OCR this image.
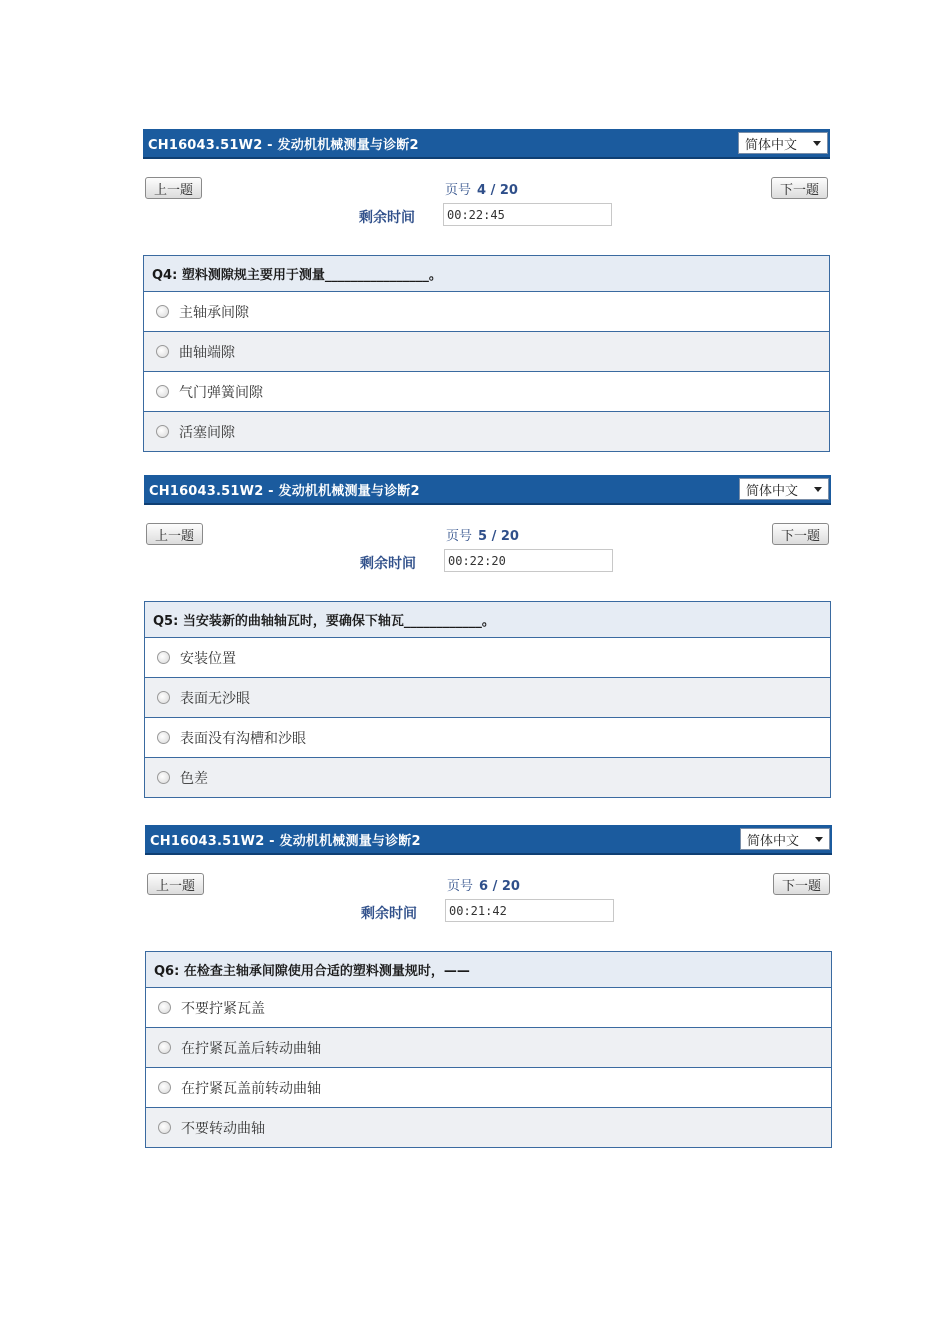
CH16043.51W2 - 发动机机械测量与诊断2	简体中文
上一题	页号 4 / 20	下一题
剩余时间	00:22:45
Q4: 塑料测隙规主要用于测量________________。
主轴承间隙
曲轴端隙
气门弹簧间隙
活塞间隙
CH16043.51W2 - 发动机机械测量与诊断2	简体中文
上一题	页号 5 / 20	下一题
剩余时间	00:22:20
Q5: 当安装新的曲轴轴瓦时，要确保下轴瓦____________。
安装位置
表面无沙眼
表面没有沟槽和沙眼
色差
CH16043.51W2 - 发动机机械测量与诊断2	简体中文
上一题	页号 6 / 20	下一题
剩余时间	00:21:42
Q6: 在检查主轴承间隙使用合适的塑料测量规时，——
不要拧紧瓦盖
在拧紧瓦盖后转动曲轴
在拧紧瓦盖前转动曲轴
不要转动曲轴
